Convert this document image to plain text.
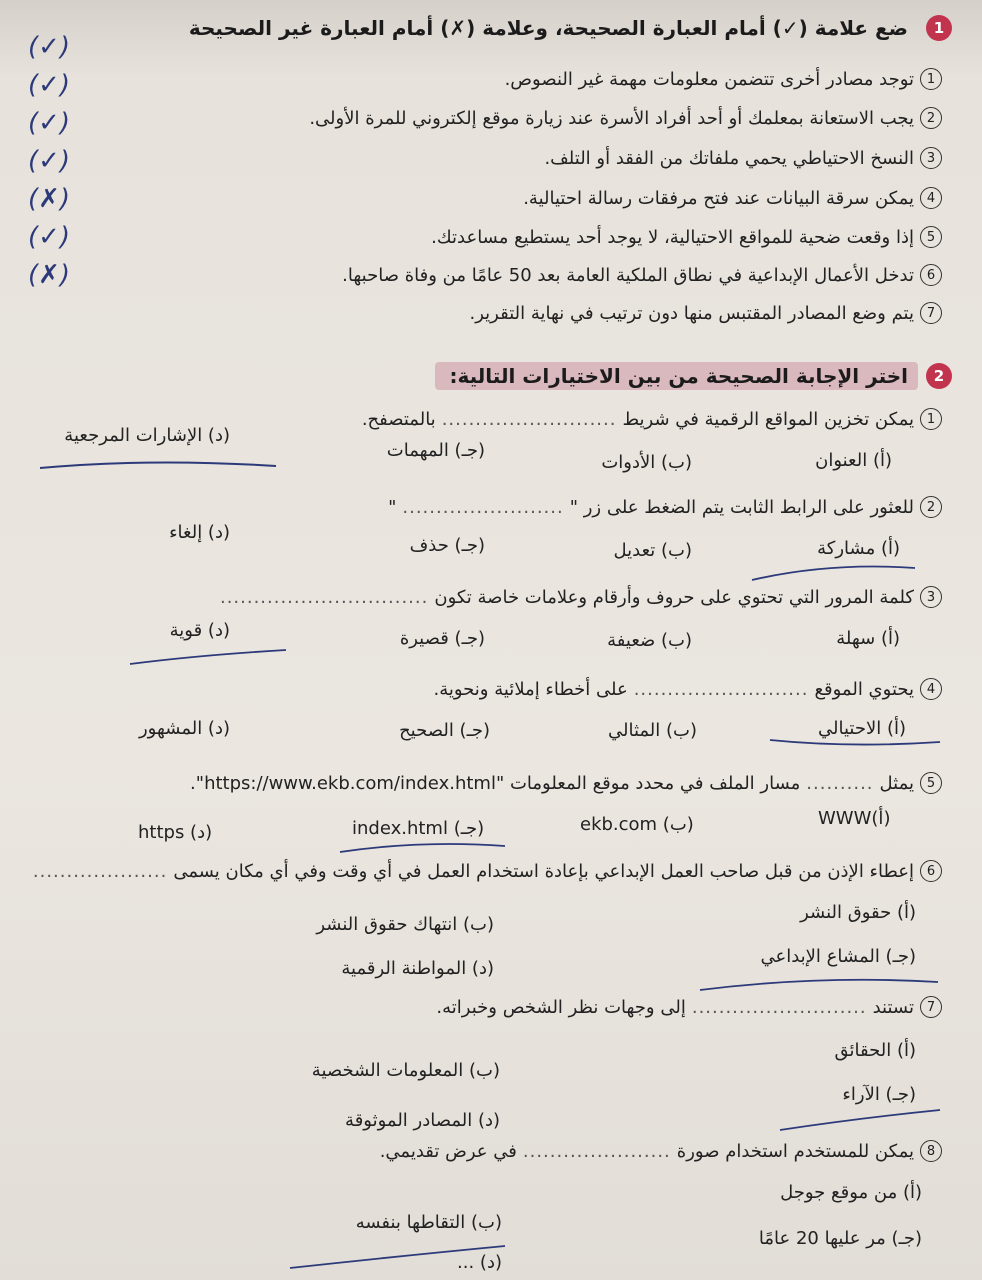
1
ضع علامة (✓) أمام العبارة الصحيحة، وعلامة (✗) أمام العبارة غير الصحيحة
1
توجد مصادر أخرى تتضمن معلومات مهمة غير النصوص.
2
يجب الاستعانة بمعلمك أو أحد أفراد الأسرة عند زيارة موقع إلكتروني للمرة الأولى.
3
النسخ الاحتياطي يحمي ملفاتك من الفقد أو التلف.
4
يمكن سرقة البيانات عند فتح مرفقات رسالة احتيالية.
5
إذا وقعت ضحية للمواقع الاحتيالية، لا يوجد أحد يستطيع مساعدتك.
6
تدخل الأعمال الإبداعية في نطاق الملكية العامة بعد 50 عامًا من وفاة صاحبها.
7
يتم وضع المصادر المقتبس منها دون ترتيب في نهاية التقرير.
(✓)
(✓)
(✓)
(✓)
(✗)
(✓)
(✗)
2
اختر الإجابة الصحيحة من بين الاختيارات التالية:
1
يمكن تخزين المواقع الرقمية في شريط
..........................
بالمتصفح.
(أ) العنوان
(ب) الأدوات
(جـ) المهمات
(د) الإشارات المرجعية
2
للعثور على الرابط الثابت يتم الضغط على زر "
........................
"
(أ) مشاركة
(ب) تعديل
(جـ) حذف
(د) إلغاء
3
كلمة المرور التي تحتوي على حروف وأرقام وعلامات خاصة تكون
...............................
(أ) سهلة
(ب) ضعيفة
(جـ) قصيرة
(د) قوية
4
يحتوي الموقع
..........................
على أخطاء إملائية ونحوية.
(أ) الاحتيالي
(ب) المثالي
(جـ) الصحيح
(د) المشهور
5
يمثل
..........
مسار الملف في محدد موقع المعلومات "https://www.ekb.com/index.html".
WWW(أ)
ekb.com (ب)
index.html (جـ)
https (د)
6
إعطاء الإذن من قبل صاحب العمل الإبداعي بإعادة استخدام العمل في أي وقت وفي أي مكان يسمى
....................
(أ) حقوق النشر
(ب) انتهاك حقوق النشر
(جـ) المشاع الإبداعي
(د) المواطنة الرقمية
7
تستند
..........................
إلى وجهات نظر الشخص وخبراته.
(أ) الحقائق
(ب) المعلومات الشخصية
(جـ) الآراء
(د) المصادر الموثوقة
8
يمكن للمستخدم استخدام صورة
......................
في عرض تقديمي.
(أ) من موقع جوجل
(ب) التقاطها بنفسه
(جـ) مر عليها 20 عامًا
(د) ...
